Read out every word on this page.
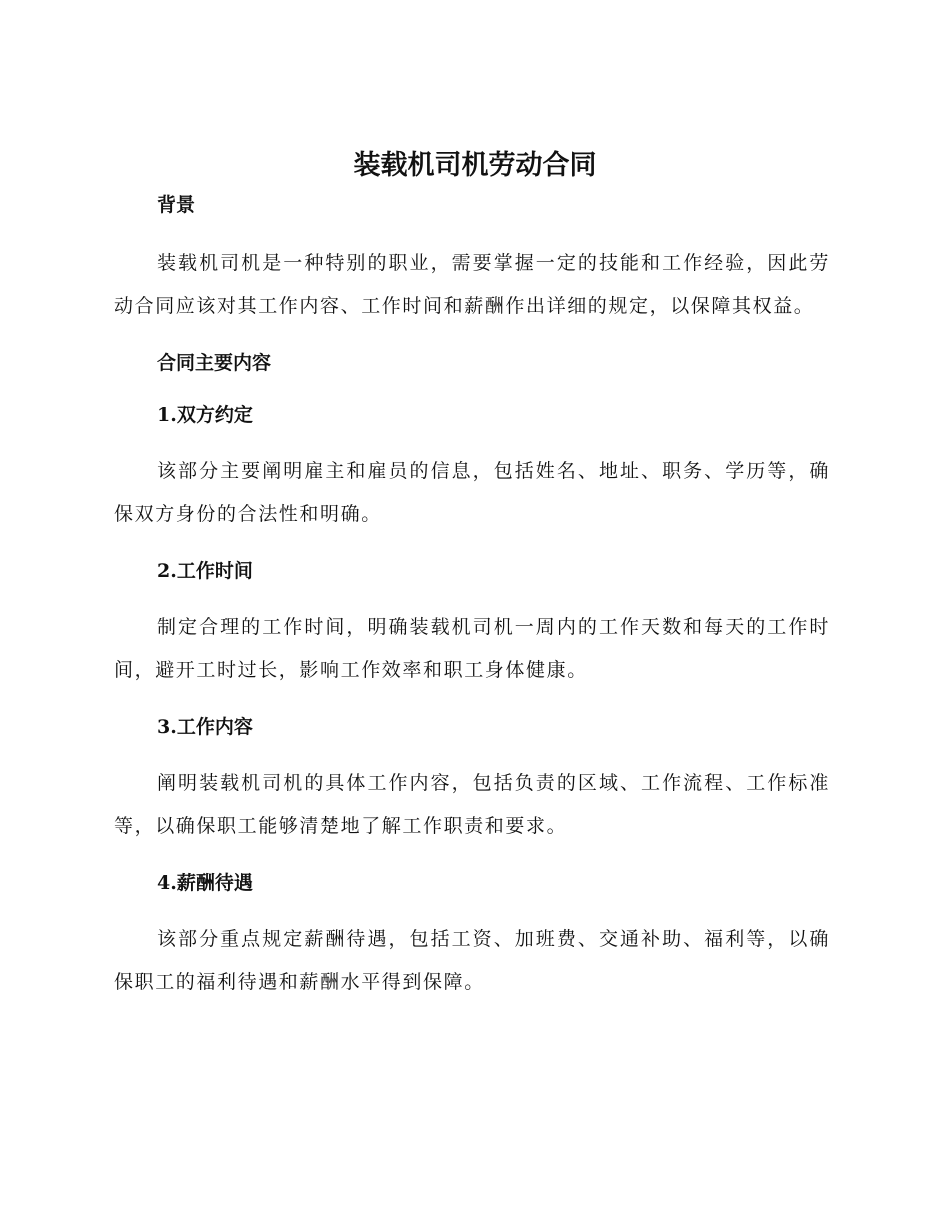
装载机司机劳动合同

背景

装载机司机是一种特别的职业，需要掌握一定的技能和工作经验，因此劳动合同应该对其工作内容、工作时间和薪酬作出详细的规定，以保障其权益。

合同主要内容

1.双方约定

该部分主要阐明雇主和雇员的信息，包括姓名、地址、职务、学历等，确保双方身份的合法性和明确。

2.工作时间

制定合理的工作时间，明确装载机司机一周内的工作天数和每天的工作时间，避开工时过长，影响工作效率和职工身体健康。

3.工作内容

阐明装载机司机的具体工作内容，包括负责的区域、工作流程、工作标准等，以确保职工能够清楚地了解工作职责和要求。

4.薪酬待遇

该部分重点规定薪酬待遇，包括工资、加班费、交通补助、福利等，以确保职工的福利待遇和薪酬水平得到保障。
